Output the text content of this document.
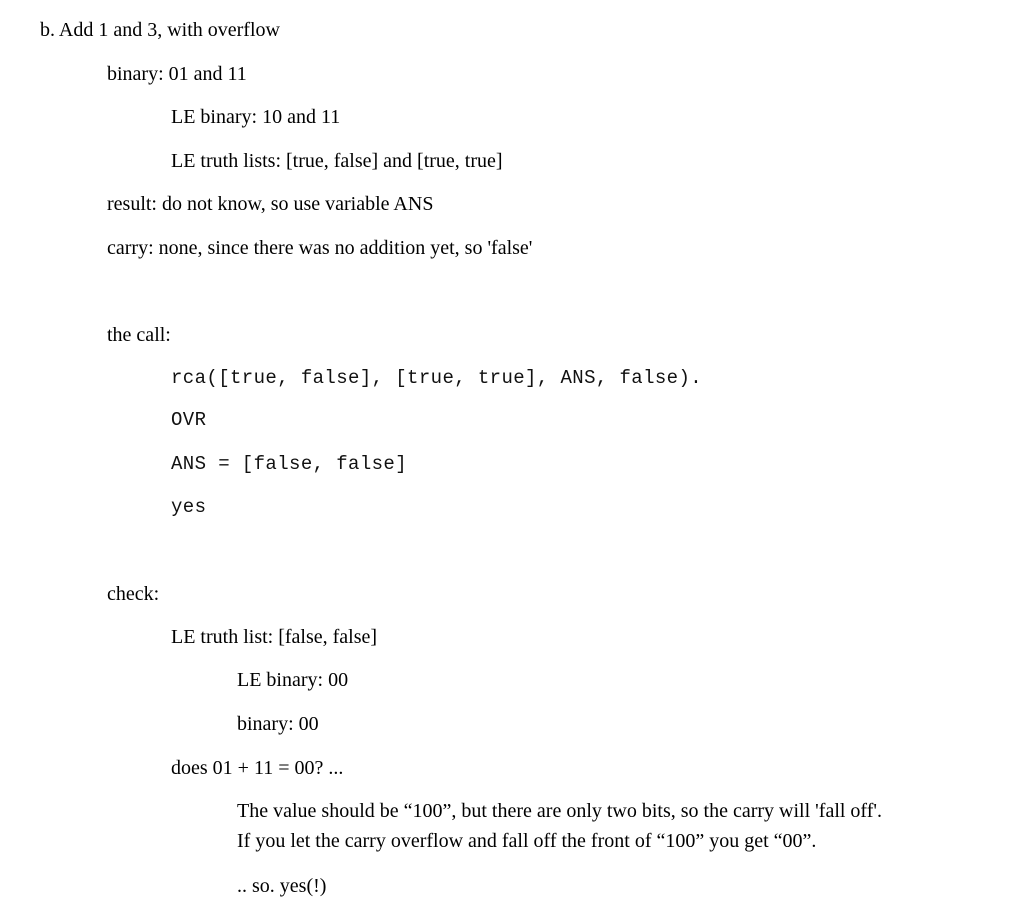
b. Add 1 and 3, with overflow
binary: 01 and 11
LE binary: 10 and 11
LE truth lists: [true, false] and [true, true]
result: do not know, so use variable ANS
carry: none, since there was no addition yet, so 'false'
the call:
rca([true, false], [true, true], ANS, false).
OVR
ANS = [false, false]
yes
check:
LE truth list: [false, false]
LE binary: 00
binary: 00
does 01 + 11 = 00? ...
The value should be “100”, but there are only two bits, so the carry will 'fall off'.
If you let the carry overflow and fall off the front of “100” you get “00”.
.. so. yes(!)
